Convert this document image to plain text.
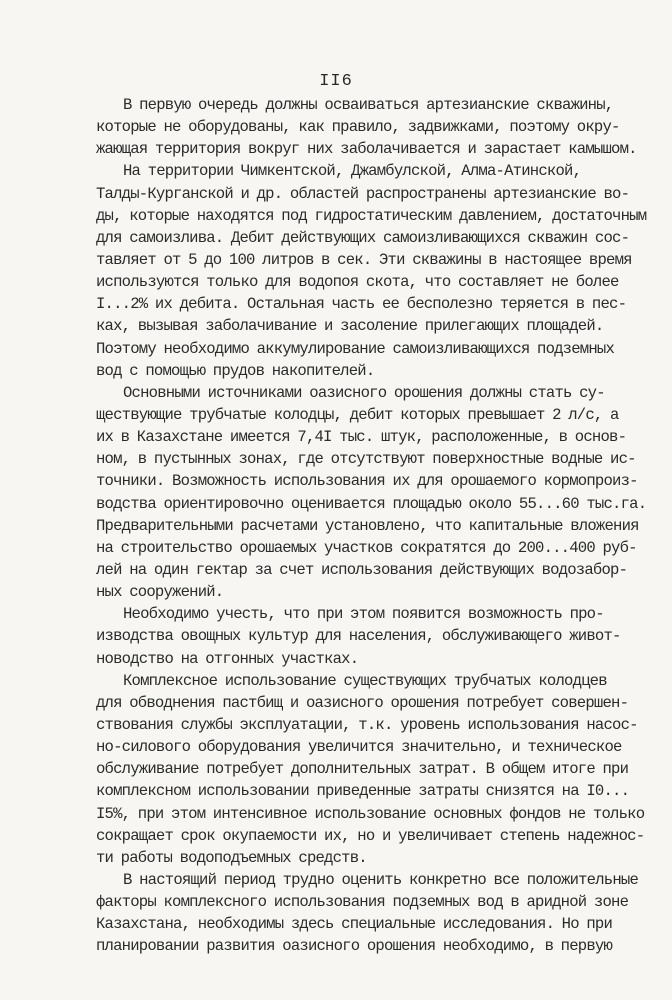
II6
В первую очередь должны осваиваться артезианские скважины,
которые не оборудованы, как правило, задвижками, поэтому окру-
жающая территория вокруг них заболачивается и зарастает камышом.
На территории Чимкентской, Джамбулской, Алма-Атинской,
Талды-Курганской и др. областей распространены артезианские во-
ды, которые находятся под гидростатическим давлением, достаточным
для самоизлива. Дебит действующих самоизливающихся скважин сос-
тавляет от 5 до 100 литров в сек. Эти скважины в настоящее время
используются только для водопоя скота, что составляет не более
I...2% их дебита. Остальная часть ее бесполезно теряется в пес-
ках, вызывая заболачивание и засоление прилегающих площадей.
Поэтому необходимо аккумулирование самоизливающихся подземных
вод с помощью прудов накопителей.
Основными источниками оазисного орошения должны стать су-
ществующие трубчатые колодцы, дебит которых превышает 2 л/с, а
их в Казахстане имеется 7,4I тыс. штук, расположенные, в основ-
ном, в пустынных зонах, где отсутствуют поверхностные водные ис-
точники. Возможность использования их для орошаемого кормопроиз-
водства ориентировочно оценивается площадью около 55...60 тыс.га.
Предварительными расчетами установлено, что капитальные вложения
на строительство орошаемых участков сократятся до 200...400 руб-
лей на один гектар за счет использования действующих водозабор-
ных сооружений.
Необходимо учесть, что при этом появится возможность про-
изводства овощных культур для населения, обслуживающего живот-
новодство на отгонных участках.
Комплексное использование существующих трубчатых колодцев
для обводнения пастбищ и оазисного орошения потребует совершен-
ствования службы эксплуатации, т.к. уровень использования насос-
но-силового оборудования увеличится значительно, и техническое
обслуживание потребует дополнительных затрат. В общем итоге при
комплексном использовании приведенные затраты снизятся на I0...
I5%, при этом интенсивное использование основных фондов не только
сокращает срок окупаемости их, но и увеличивает степень надежнос-
ти работы водоподъемных средств.
В настоящий период трудно оценить конкретно все положительные
факторы комплексного использования подземных вод в аридной зоне
Казахстана, необходимы здесь специальные исследования. Но при
планировании развития оазисного орошения необходимо, в первую
